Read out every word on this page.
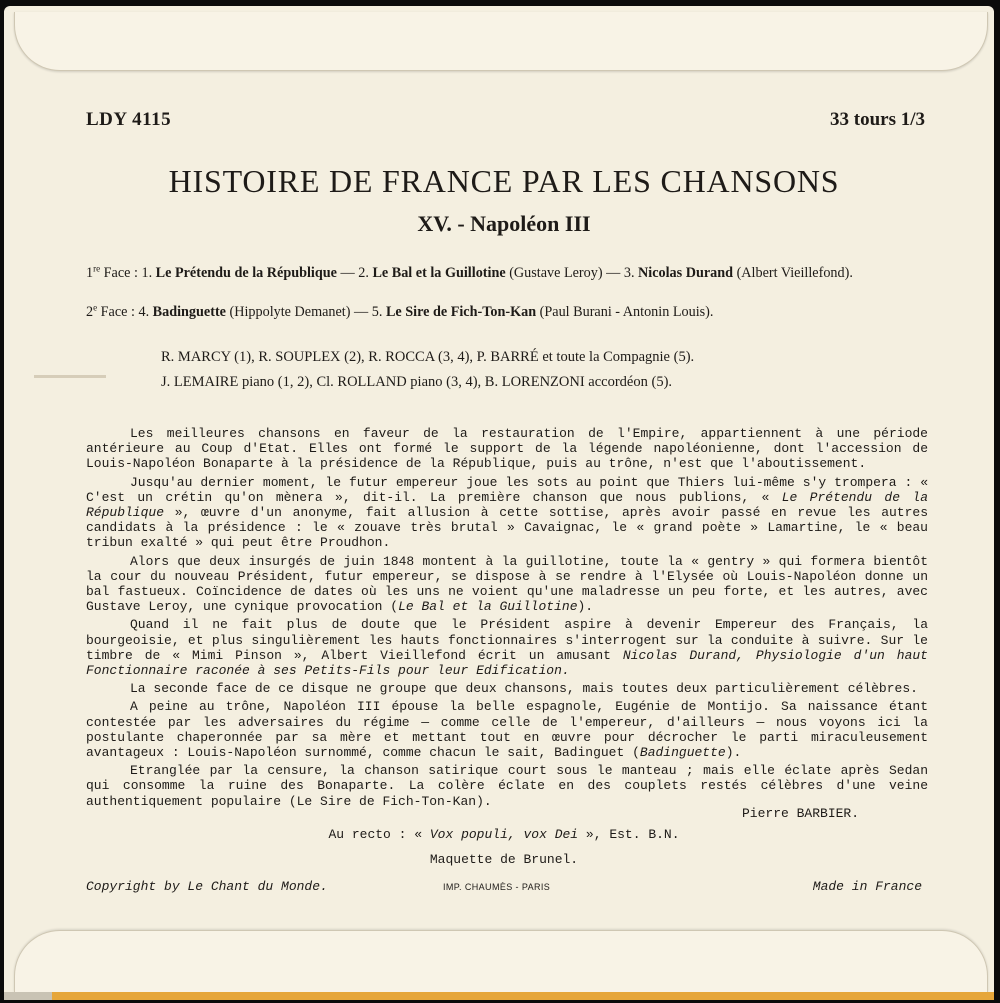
LDY 4115	33 tours 1/3
HISTOIRE DE FRANCE PAR LES CHANSONS
XV. - Napoléon III
1re Face : 1. Le Prétendu de la République — 2. Le Bal et la Guillotine (Gustave Leroy) — 3. Nicolas Durand (Albert Vieillefond).
2e Face : 4. Badinguette (Hippolyte Demanet) — 5. Le Sire de Fich-Ton-Kan (Paul Burani - Antonin Louis).
R. MARCY (1), R. SOUPLEX (2), R. ROCCA (3, 4), P. BARRÉ et toute la Compagnie (5).
J. LEMAIRE piano (1, 2), Cl. ROLLAND piano (3, 4), B. LORENZONI accordéon (5).

Les meilleures chansons en faveur de la restauration de l'Empire, appartiennent à une période antérieure au Coup d'Etat. Elles ont formé le support de la légende napoléonienne, dont l'accession de Louis-Napoléon Bonaparte à la présidence de la République, puis au trône, n'est que l'aboutissement.

Jusqu'au dernier moment, le futur empereur joue les sots au point que Thiers lui-même s'y trompera : « C'est un crétin qu'on mènera », dit-il. La première chanson que nous publions, « Le Prétendu de la République », œuvre d'un anonyme, fait allusion à cette sottise, après avoir passé en revue les autres candidats à la présidence : le « zouave très brutal » Cavaignac, le « grand poète » Lamartine, le « beau tribun exalté » qui peut être Proudhon.

Alors que deux insurgés de juin 1848 montent à la guillotine, toute la « gentry » qui formera bientôt la cour du nouveau Président, futur empereur, se dispose à se rendre à l'Elysée où Louis-Napoléon donne un bal fastueux. Coïncidence de dates où les uns ne voient qu'une maladresse un peu forte, et les autres, avec Gustave Leroy, une cynique provocation (Le Bal et la Guillotine).

Quand il ne fait plus de doute que le Président aspire à devenir Empereur des Français, la bourgeoisie, et plus singulièrement les hauts fonctionnaires s'interrogent sur la conduite à suivre. Sur le timbre de « Mimi Pinson », Albert Vieillefond écrit un amusant Nicolas Durand, Physiologie d'un haut Fonctionnaire raconée à ses Petits-Fils pour leur Edification.

La seconde face de ce disque ne groupe que deux chansons, mais toutes deux particulièrement célèbres.

A peine au trône, Napoléon III épouse la belle espagnole, Eugénie de Montijo. Sa naissance étant contestée par les adversaires du régime — comme celle de l'empereur, d'ailleurs — nous voyons ici la postulante chaperonnée par sa mère et mettant tout en œuvre pour décrocher le parti miraculeusement avantageux : Louis-Napoléon surnommé, comme chacun le sait, Badinguet (Badinguette).

Etranglée par la censure, la chanson satirique court sous le manteau ; mais elle éclate après Sedan qui consomme la ruine des Bonaparte. La colère éclate en des couplets restés célèbres d'une veine authentiquement populaire (Le Sire de Fich-Ton-Kan).

Pierre BARBIER.
Au recto : « Vox populi, vox Dei », Est. B.N.
Maquette de Brunel.
Copyright by Le Chant du Monde.	IMP. CHAUMÈS - PARIS	Made in France
